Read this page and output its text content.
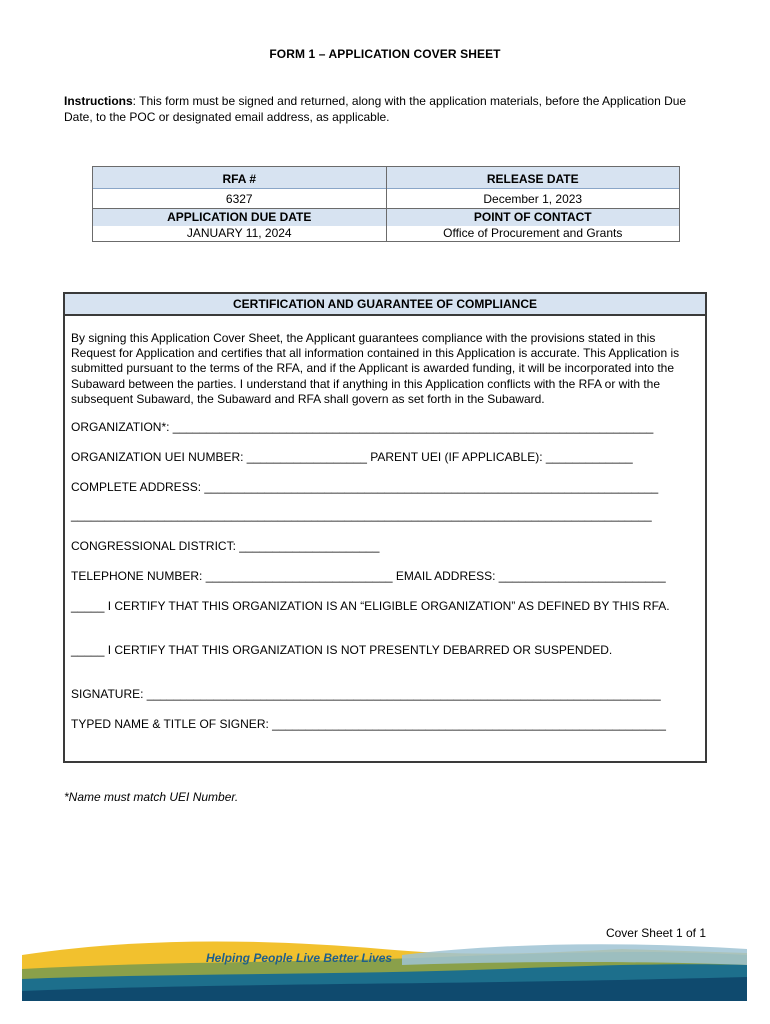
FORM 1 – APPLICATION COVER SHEET
Instructions: This form must be signed and returned, along with the application materials, before the Application Due Date, to the POC or designated email address, as applicable.
RFA #	RELEASE DATE
6327	December 1, 2023
APPLICATION DUE DATE	POINT OF CONTACT
JANUARY 11, 2024	Office of Procurement and Grants
CERTIFICATION AND GUARANTEE OF COMPLIANCE
By signing this Application Cover Sheet, the Applicant guarantees compliance with the provisions stated in this Request for Application and certifies that all information contained in this Application is accurate. This Application is submitted pursuant to the terms of the RFA, and if the Applicant is awarded funding, it will be incorporated into the Subaward between the parties. I understand that if anything in this Application conflicts with the RFA or with the subsequent Subaward, the Subaward and RFA shall govern as set forth in the Subaward.
ORGANIZATION*: ________________________________________________________________________
ORGANIZATION UEI NUMBER: __________________ PARENT UEI (IF APPLICABLE): _____________
COMPLETE ADDRESS: ____________________________________________________________________
_______________________________________________________________________________________
CONGRESSIONAL DISTRICT: _____________________
TELEPHONE NUMBER: ____________________________ EMAIL ADDRESS: _________________________
_____ I CERTIFY THAT THIS ORGANIZATION IS AN “ELIGIBLE ORGANIZATION” AS DEFINED BY THIS RFA.
_____ I CERTIFY THAT THIS ORGANIZATION IS NOT PRESENTLY DEBARRED OR SUSPENDED.
SIGNATURE: _____________________________________________________________________________
TYPED NAME & TITLE OF SIGNER: ___________________________________________________________
*Name must match UEI Number.
Cover Sheet 1 of 1
Helping People Live Better Lives
